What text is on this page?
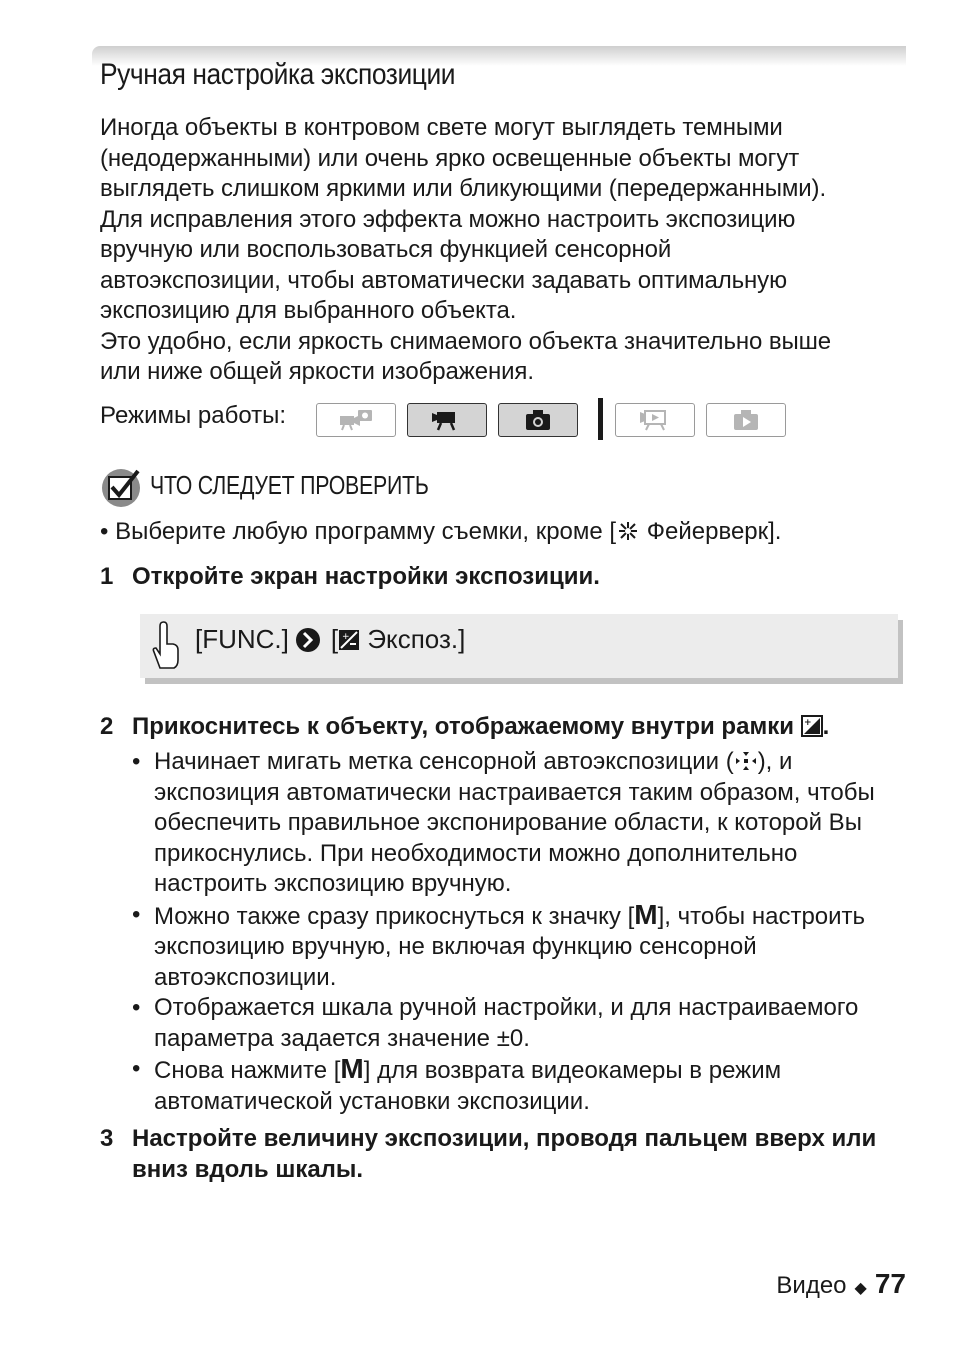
Ручная настройка экспозиции

Иногда объекты в контровом свете могут выглядеть темными

(недодержанными) или очень ярко освещенные объекты могут

выглядеть слишком яркими или бликующими (передержанными).

Для исправления этого эффекта можно настроить экспозицию

вручную или воспользоваться функцией сенсорной

автоэкспозиции, чтобы автоматически задавать оптимальную

экспозицию для выбранного объекта.

Это удобно, если яркость снимаемого объекта значительно выше

или ниже общей яркости изображения.

Режимы работы:
ЧТО СЛЕДУЕТ ПРОВЕРИТЬ
• Выберите любую программу съемки, кроме [ Фейерверк].
1 Откройте экран настройки экспозиции.
[FUNC.] [ + Экспоз.]
2 Прикоснитесь к объекту, отображаемому внутри рамки + .

• Начинает мигать метка сенсорной автоэкспозиции ( ), и экспозиция автоматически настраивается таким образом, чтобы обеспечить правильное экспонирование области, к которой Вы прикоснулись. При необходимости можно дополнительно настроить экспозицию вручную.

• Можно также сразу прикоснуться к значку [M], чтобы настроить экспозицию вручную, не включая функцию сенсорной автоэкспозиции.

• Отображается шкала ручной настройки, и для настраиваемого параметра задается значение ±0.

• Снова нажмите [M] для возврата видеокамеры в режим автоматической установки экспозиции.

3 Настройте величину экспозиции, проводя пальцем вверх или вниз вдоль шкалы.
Видео ◆ 77
